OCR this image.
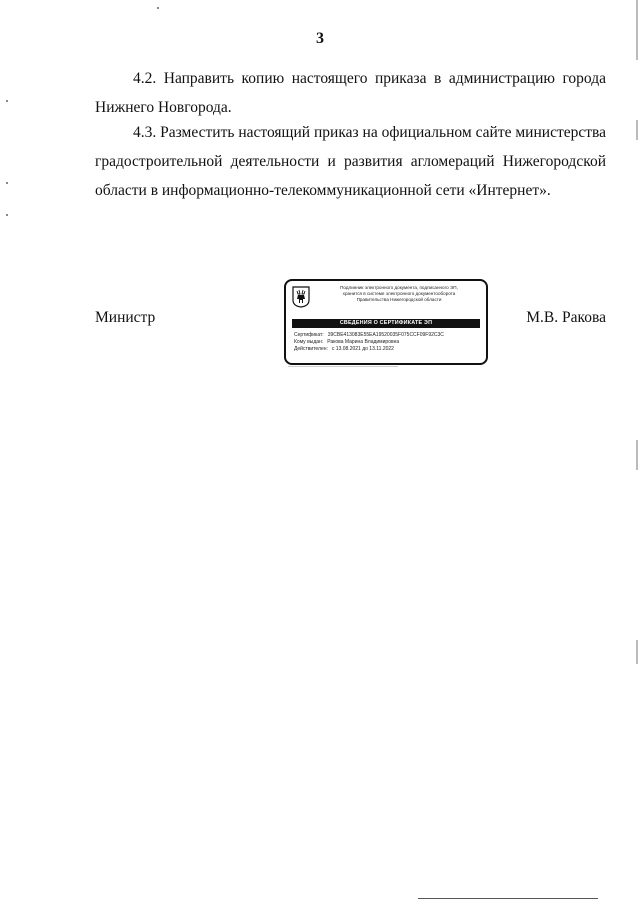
3
4.2. Направить копию настоящего приказа в администрацию города Нижнего Новгорода.
4.3. Разместить настоящий приказ на официальном сайте министерства градостроительной деятельности и развития агломераций Нижегородской области в информационно-телекоммуникационной сети «Интернет».
Министр
Подлинник электронного документа, подписанного ЭП,
хранится в системе электронного документооборота
Правительства Нижегородской области
СВЕДЕНИЯ О СЕРТИФИКАТЕ ЭП
Сертификат: 39CBE413083E55EA19520035F075CCF09F92C3C
Кому выдан: Ракова Марина Владимировна
Действителен: с 13.08.2021 до 13.11.2022
М.В. Ракова
